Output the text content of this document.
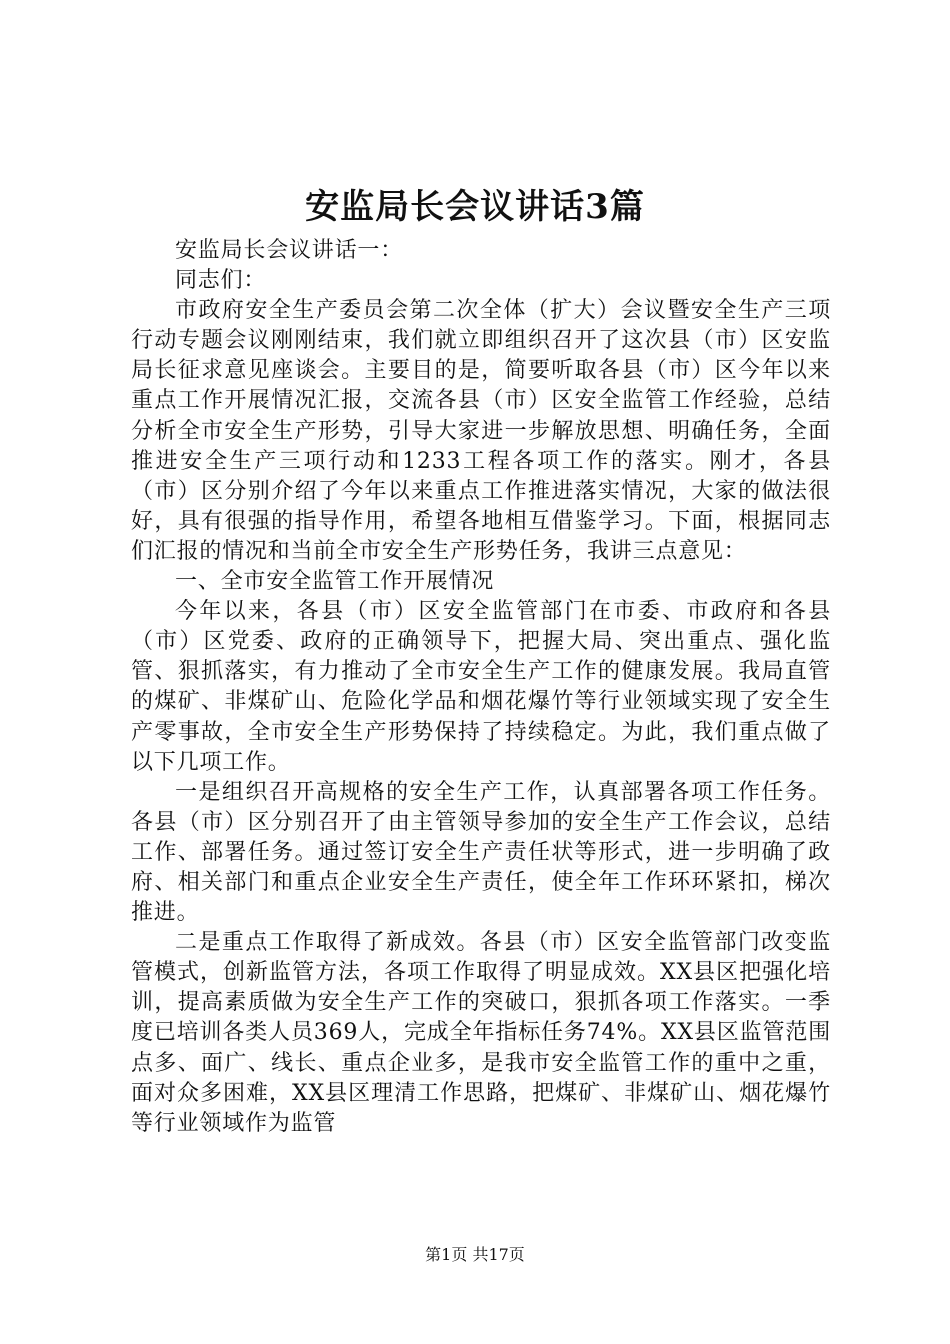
安监局长会议讲话3篇

安监局长会议讲话一：

同志们：

市政府安全生产委员会第二次全体（扩大）会议暨安全生产三项行动专题会议刚刚结束，我们就立即组织召开了这次县（市）区安监局长征求意见座谈会。主要目的是，简要听取各县（市）区今年以来重点工作开展情况汇报，交流各县（市）区安全监管工作经验，总结分析全市安全生产形势，引导大家进一步解放思想、明确任务，全面推进安全生产三项行动和1233工程各项工作的落实。刚才，各县（市）区分别介绍了今年以来重点工作推进落实情况，大家的做法很好，具有很强的指导作用，希望各地相互借鉴学习。下面，根据同志们汇报的情况和当前全市安全生产形势任务，我讲三点意见：

一、全市安全监管工作开展情况

今年以来，各县（市）区安全监管部门在市委、市政府和各县（市）区党委、政府的正确领导下，把握大局、突出重点、强化监管、狠抓落实，有力推动了全市安全生产工作的健康发展。我局直管的煤矿、非煤矿山、危险化学品和烟花爆竹等行业领域实现了安全生产零事故，全市安全生产形势保持了持续稳定。为此，我们重点做了以下几项工作。

一是组织召开高规格的安全生产工作，认真部署各项工作任务。各县（市）区分别召开了由主管领导参加的安全生产工作会议，总结工作、部署任务。通过签订安全生产责任状等形式，进一步明确了政府、相关部门和重点企业安全生产责任，使全年工作环环紧扣，梯次推进。

二是重点工作取得了新成效。各县（市）区安全监管部门改变监管模式，创新监管方法，各项工作取得了明显成效。XX县区把强化培训，提高素质做为安全生产工作的突破口，狠抓各项工作落实。一季度已培训各类人员369人，完成全年指标任务74%。XX县区监管范围点多、面广、线长、重点企业多，是我市安全监管工作的重中之重，面对众多困难，XX县区理清工作思路，把煤矿、非煤矿山、烟花爆竹等行业领域作为监管

第1页 共17页
